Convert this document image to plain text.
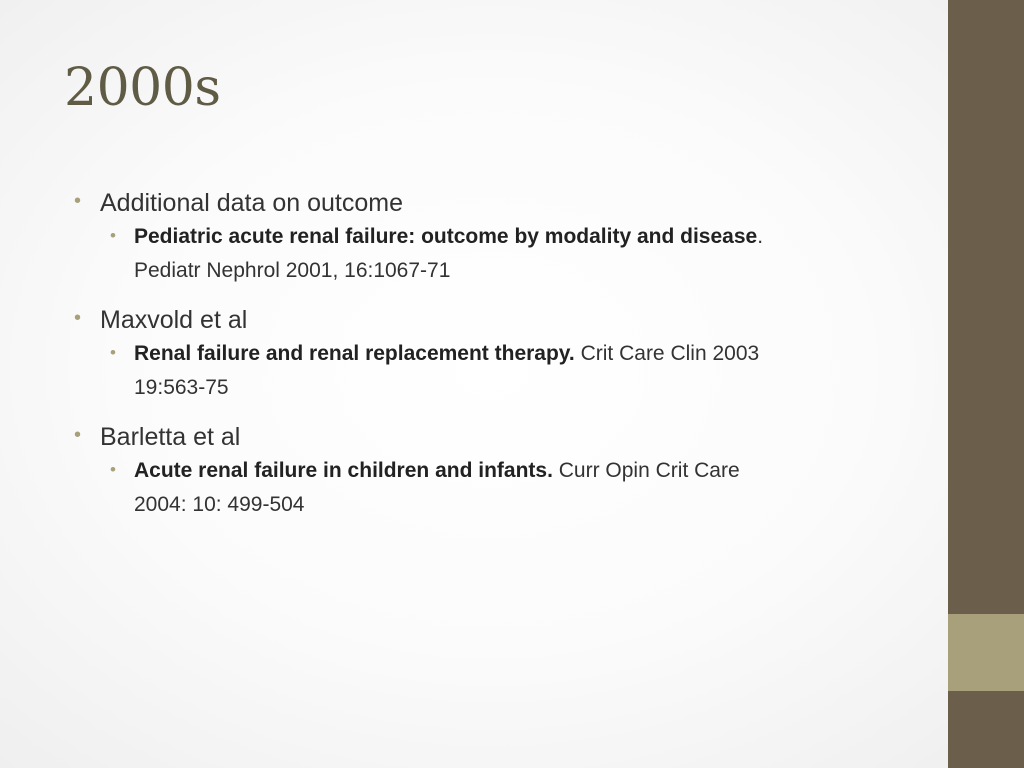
2000s
• Additional data on outcome
• Pediatric acute renal failure: outcome by modality and disease.
Pediatr Nephrol 2001, 16:1067-71
• Maxvold et al
• Renal failure and renal replacement therapy. Crit Care Clin 2003
19:563-75
• Barletta et al
• Acute renal failure in children and infants. Curr Opin Crit Care
2004: 10: 499-504
